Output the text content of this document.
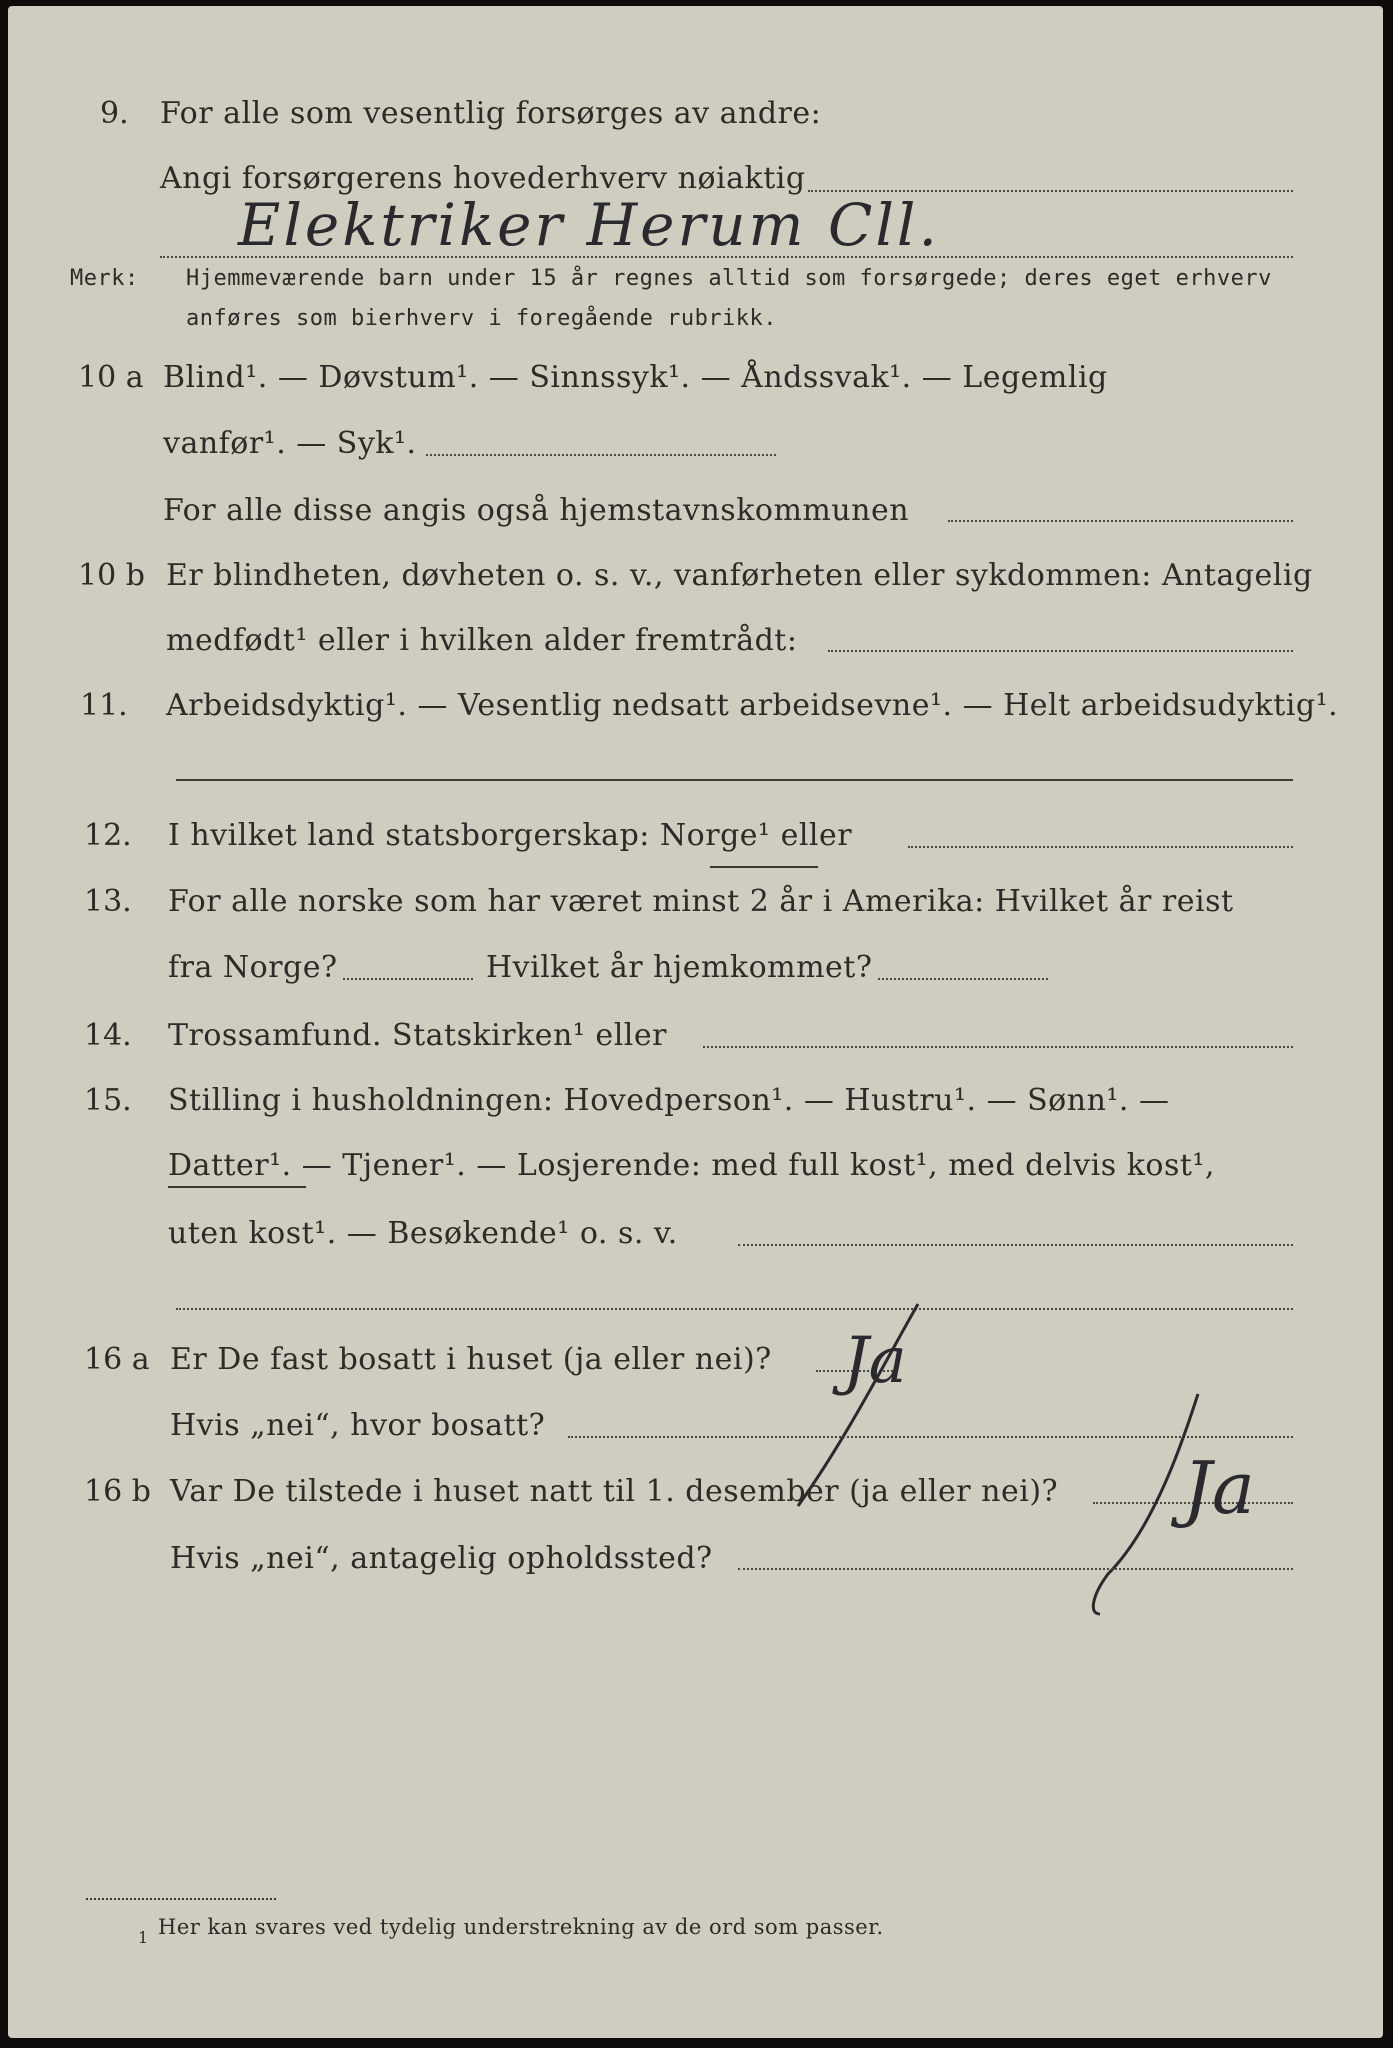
9. For alle som vesentlig forsørges av andre:
Angi forsørgerens hovederhverv nøiaktig
Elektriker Herum Cll.
Merk: Hjemmeværende barn under 15 år regnes alltid som forsørgede; deres eget erhverv
anføres som bierhverv i foregående rubrikk.
10 a Blind¹. — Døvstum¹. — Sinnssyk¹. — Åndssvak¹. — Legemlig
vanfør¹. — Syk¹.
For alle disse angis også hjemstavnskommunen
10 b Er blindheten, døvheten o. s. v., vanførheten eller sykdommen: Antagelig
medfødt¹ eller i hvilken alder fremtrådt:
11. Arbeidsdyktig¹. — Vesentlig nedsatt arbeidsevne¹. — Helt arbeidsudyktig¹.
12. I hvilket land statsborgerskap: Norge¹ eller
13. For alle norske som har været minst 2 år i Amerika: Hvilket år reist
fra Norge?	Hvilket år hjemkommet?
14. Trossamfund. Statskirken¹ eller
15. Stilling i husholdningen: Hovedperson¹. — Hustru¹. — Sønn¹. —
Datter¹. — Tjener¹. — Losjerende: med full kost¹, med delvis kost¹,
uten kost¹. — Besøkende¹ o. s. v.
16 a Er De fast bosatt i huset (ja eller nei)? Ja
Hvis „nei“, hvor bosatt?
16 b Var De tilstede i huset natt til 1. desember (ja eller nei)? Ja
Hvis „nei“, antagelig opholdssted?
1 Her kan svares ved tydelig understrekning av de ord som passer.
